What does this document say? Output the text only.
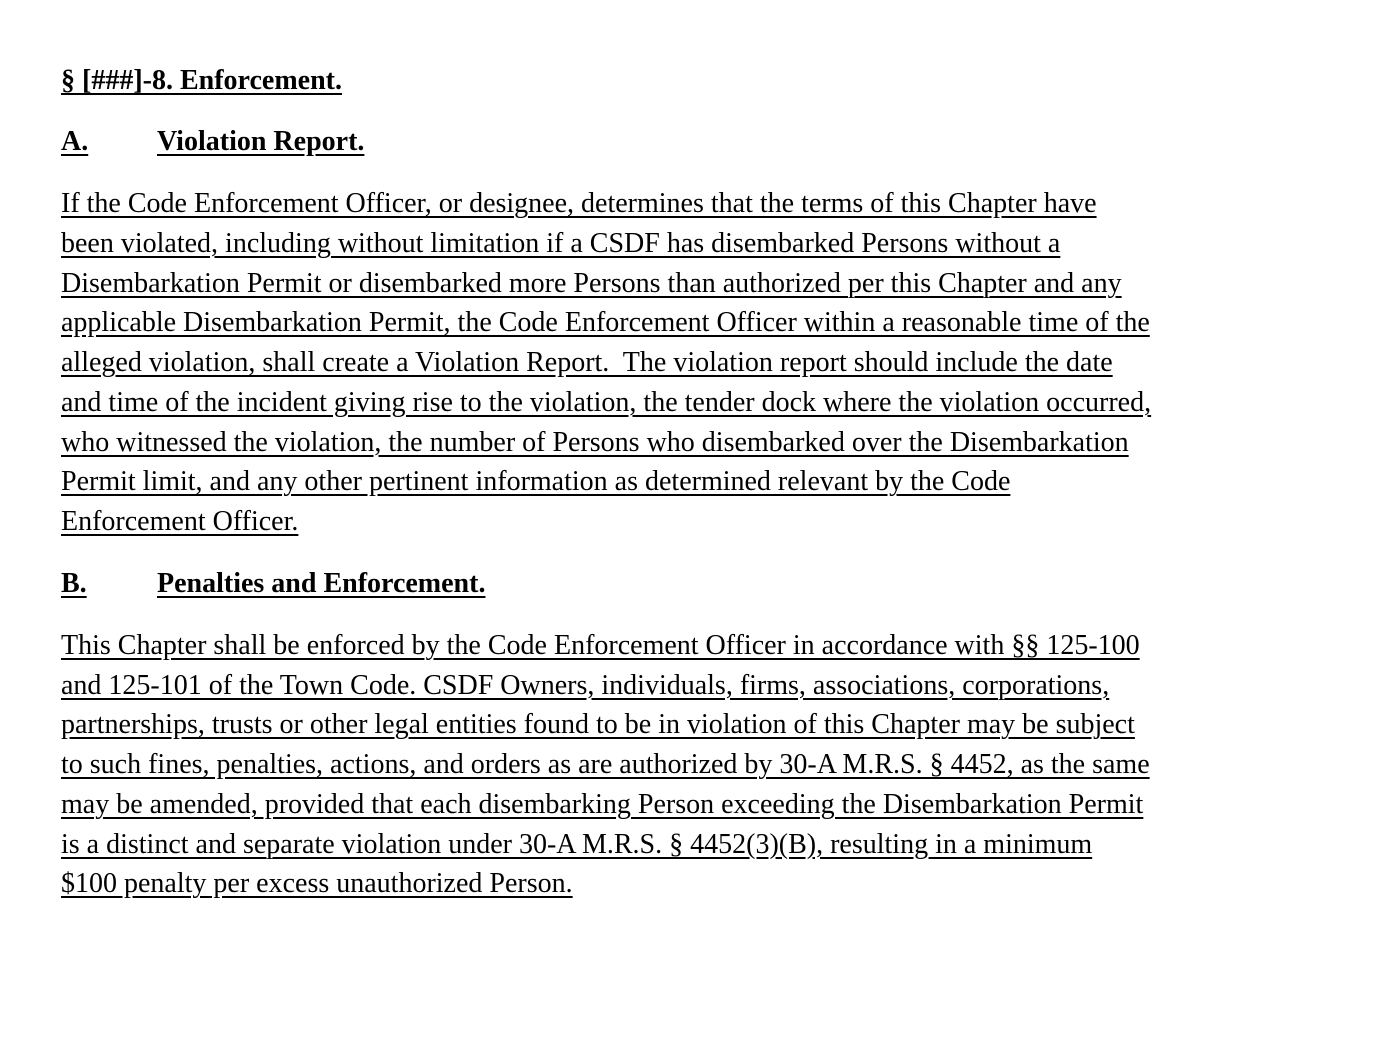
§ [###]-8. Enforcement.

A. Violation Report.

If the Code Enforcement Officer, or designee, determines that the terms of this Chapter have
been violated, including without limitation if a CSDF has disembarked Persons without a
Disembarkation Permit or disembarked more Persons than authorized per this Chapter and any
applicable Disembarkation Permit, the Code Enforcement Officer within a reasonable time of the
alleged violation, shall create a Violation Report.  The violation report should include the date
and time of the incident giving rise to the violation, the tender dock where the violation occurred,
who witnessed the violation, the number of Persons who disembarked over the Disembarkation
Permit limit, and any other pertinent information as determined relevant by the Code
Enforcement Officer.

B.	Penalties and Enforcement.

This Chapter shall be enforced by the Code Enforcement Officer in accordance with §§ 125-100
and 125-101 of the Town Code. CSDF Owners, individuals, firms, associations, corporations,
partnerships, trusts or other legal entities found to be in violation of this Chapter may be subject
to such fines, penalties, actions, and orders as are authorized by 30-A M.R.S. § 4452, as the same
may be amended, provided that each disembarking Person exceeding the Disembarkation Permit
is a distinct and separate violation under 30-A M.R.S. § 4452(3)(B), resulting in a minimum
$100 penalty per excess unauthorized Person.
